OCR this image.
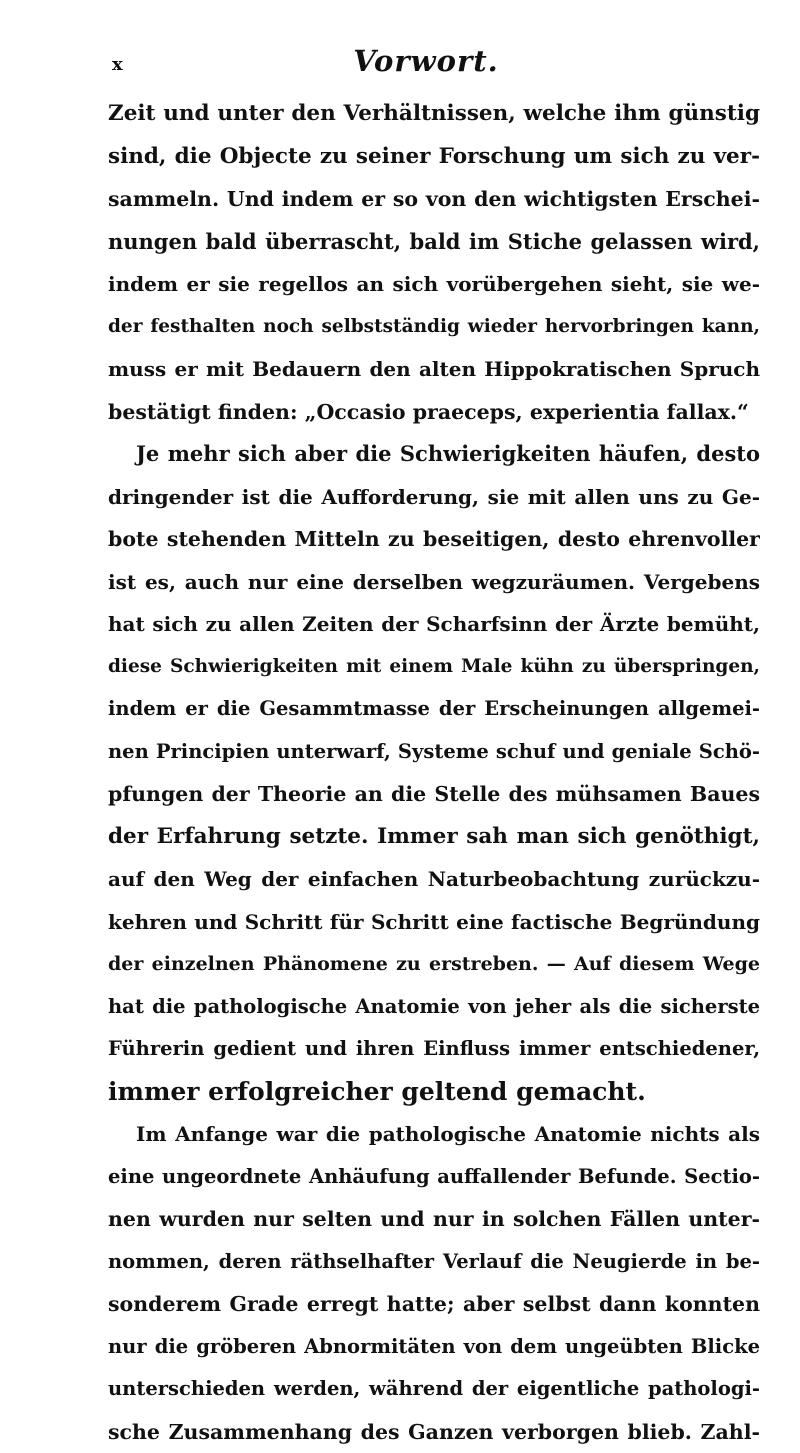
x	Vorwort.
Zeit und unter den Verhältnissen, welche ihm günstig
sind, die Objecte zu seiner Forschung um sich zu ver-
sammeln. Und indem er so von den wichtigsten Erschei-
nungen bald überrascht, bald im Stiche gelassen wird,
indem er sie regellos an sich vorübergehen sieht, sie we-
der festhalten noch selbstständig wieder hervorbringen kann,
muss er mit Bedauern den alten Hippokratischen Spruch
bestätigt finden: „Occasio praeceps, experientia fallax.“
Je mehr sich aber die Schwierigkeiten häufen, desto
dringender ist die Aufforderung, sie mit allen uns zu Ge-
bote stehenden Mitteln zu beseitigen, desto ehrenvoller
ist es, auch nur eine derselben wegzuräumen. Vergebens
hat sich zu allen Zeiten der Scharfsinn der Ärzte bemüht,
diese Schwierigkeiten mit einem Male kühn zu überspringen,
indem er die Gesammtmasse der Erscheinungen allgemei-
nen Principien unterwarf, Systeme schuf und geniale Schö-
pfungen der Theorie an die Stelle des mühsamen Baues
der Erfahrung setzte. Immer sah man sich genöthigt,
auf den Weg der einfachen Naturbeobachtung zurückzu-
kehren und Schritt für Schritt eine factische Begründung
der einzelnen Phänomene zu erstreben. — Auf diesem Wege
hat die pathologische Anatomie von jeher als die sicherste
Führerin gedient und ihren Einfluss immer entschiedener,
immer erfolgreicher geltend gemacht.
Im Anfange war die pathologische Anatomie nichts als
eine ungeordnete Anhäufung auffallender Befunde. Sectio-
nen wurden nur selten und nur in solchen Fällen unter-
nommen, deren räthselhafter Verlauf die Neugierde in be-
sonderem Grade erregt hatte; aber selbst dann konnten
nur die gröberen Abnormitäten von dem ungeübten Blicke
unterschieden werden, während der eigentliche pathologi-
sche Zusammenhang des Ganzen verborgen blieb. Zahl-
